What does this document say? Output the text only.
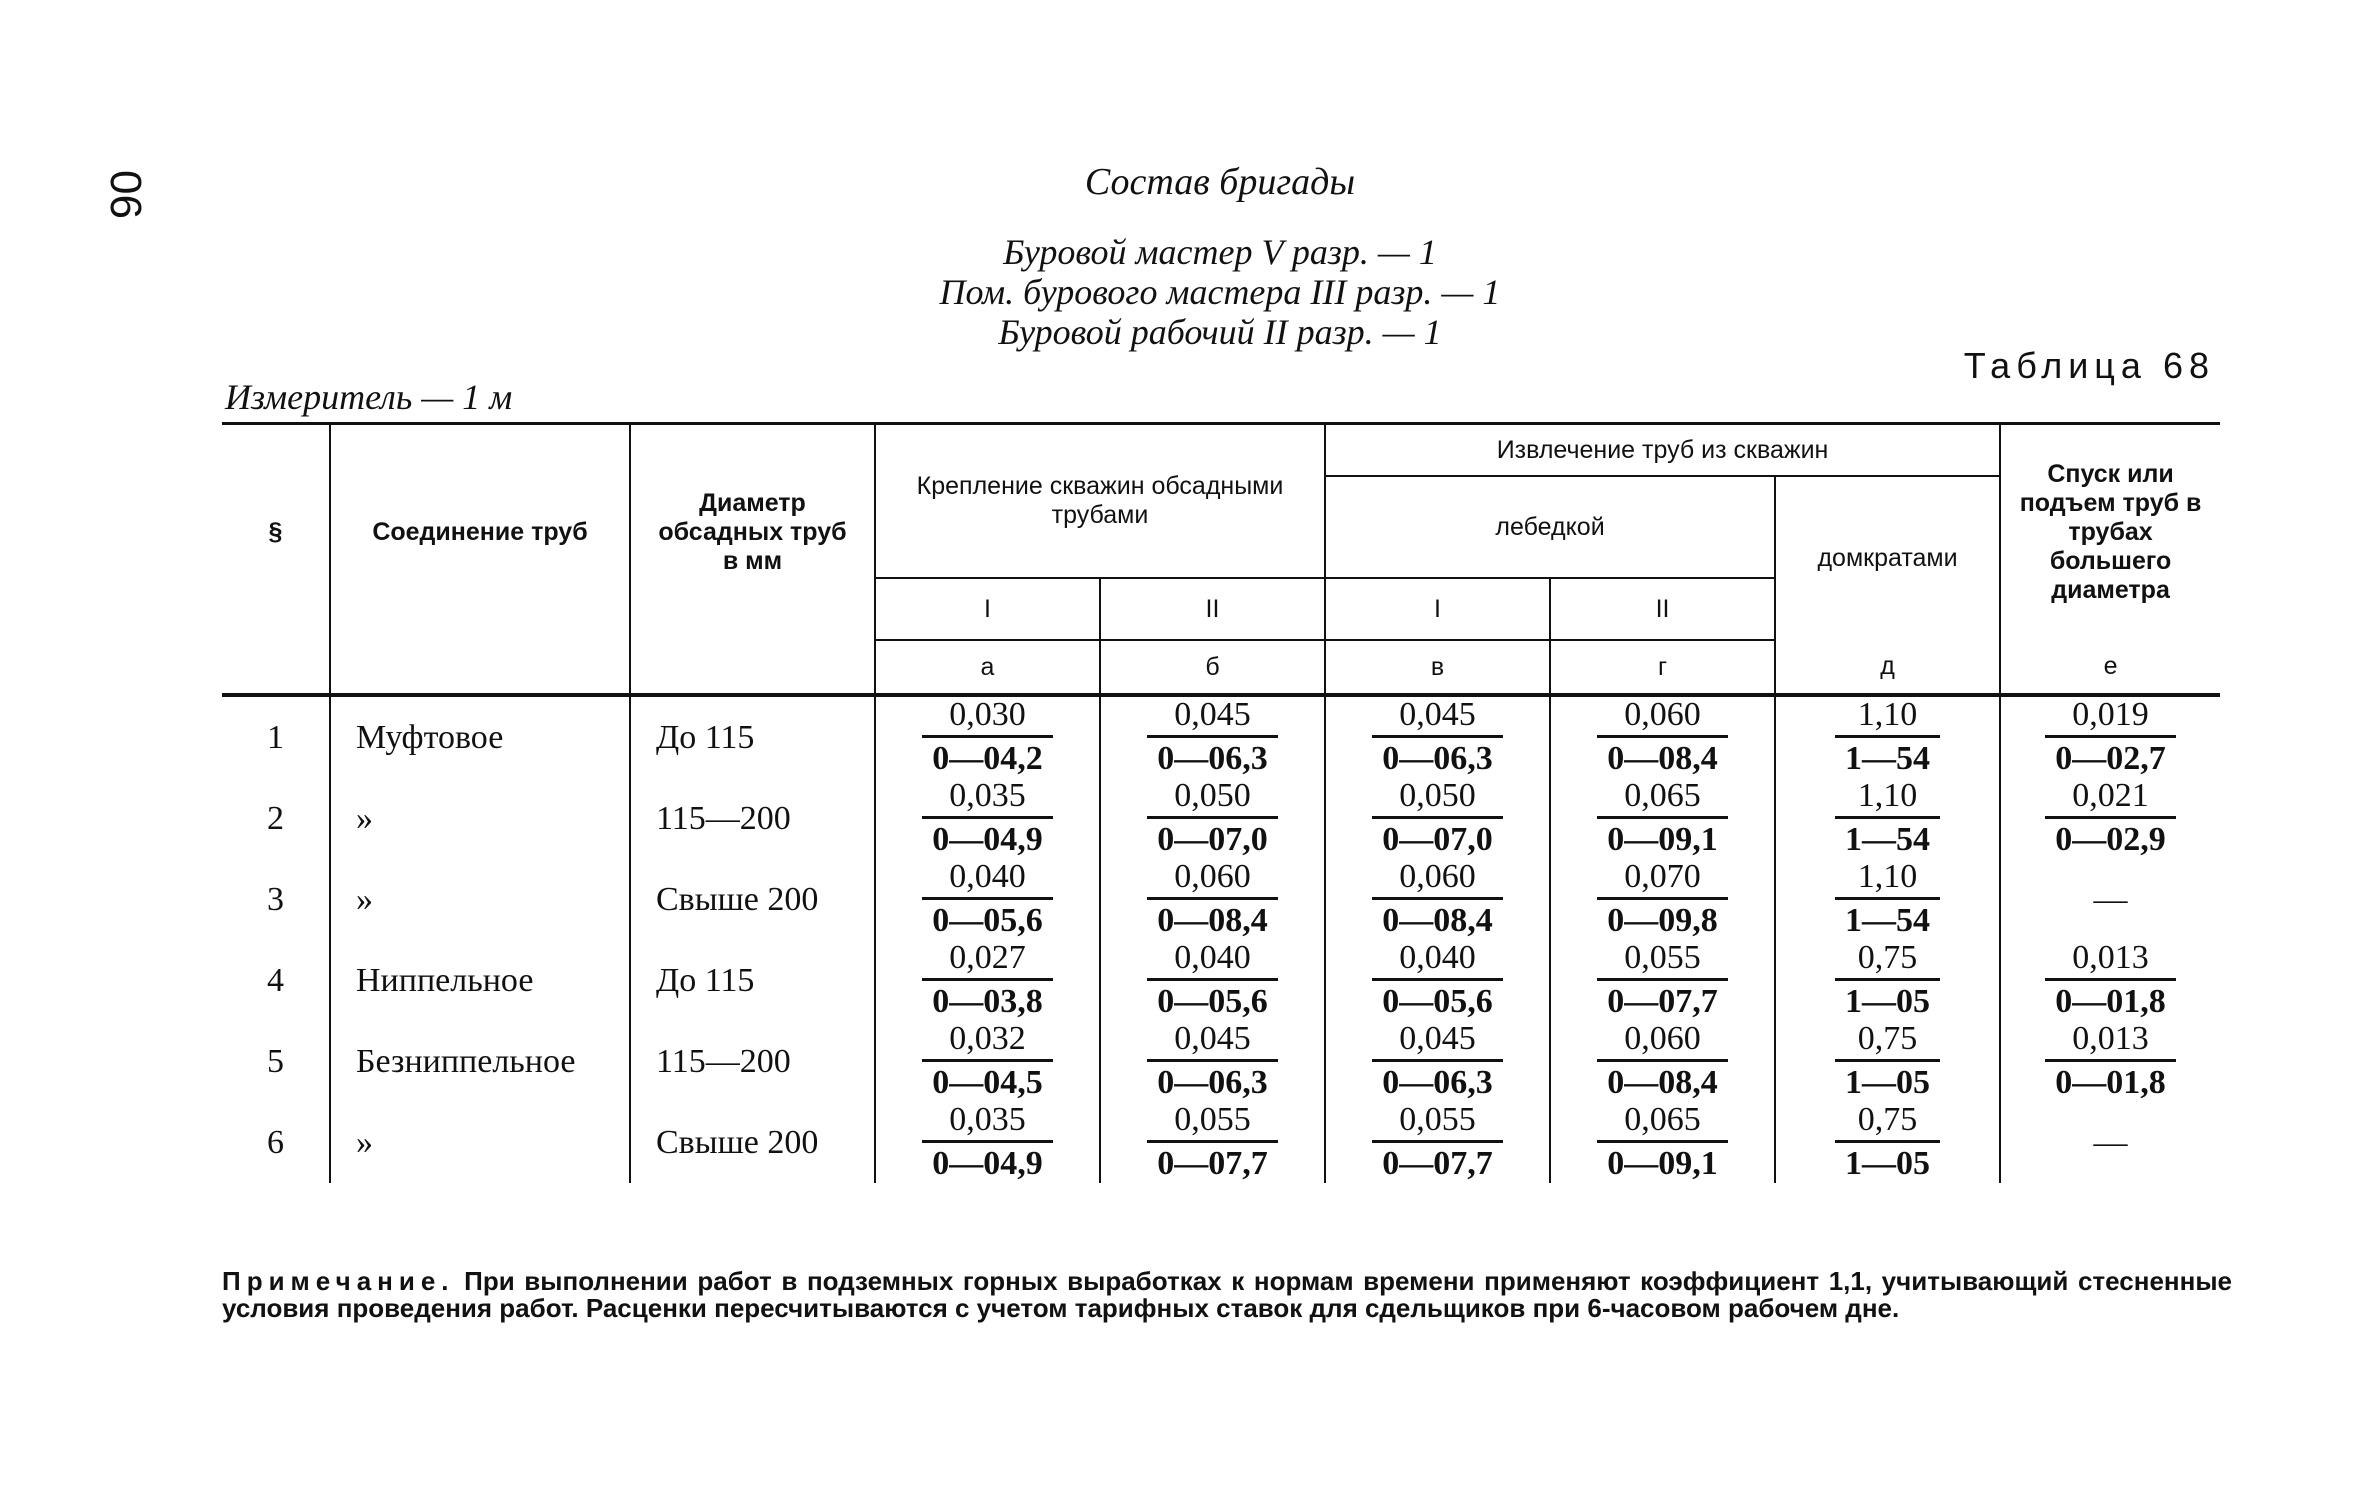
06	Состав бригады
Буровой мастер V разр. — 1
Пом. бурового мастера III разр. — 1
Буровой рабочий II разр. — 1
Таблица 68
Измеритель — 1 м
§	Соединение труб	Диаметр обсадных труб в мм	Крепление скважин обсадными трубами		Извлечение труб из скважин			Спуск или подъем труб в трубах большего диаметра
					лебедкой		домкратами	
			I	II	I	II		
			а	б	в	г	д	е
1	Муфтовое	До 115	$\frac{0,030}{0—04,2}$	$\frac{0,045}{0—06,3}$	$\frac{0,045}{0—06,3}$	$\frac{0,060}{0—08,4}$	$\frac{1,10}{1—54}$	$\frac{0,019}{0—02,7}$

2	»	115—200	$\frac{0,035}{0—04,9}$	$\frac{0,050}{0—07,0}$	$\frac{0,050}{0—07,0}$	$\frac{0,065}{0—09,1}$	$\frac{1,10}{1—54}$	$\frac{0,021}{0—02,9}$

3	»	Свыше 200	$\frac{0,040}{0—05,6}$	$\frac{0,060}{0—08,4}$	$\frac{0,060}{0—08,4}$	$\frac{0,070}{0—09,8}$	$\frac{1,10}{1—54}$	—
4	Ниппельное	До 115	$\frac{0,027}{0—03,8}$	$\frac{0,040}{0—05,6}$	$\frac{0,040}{0—05,6}$	$\frac{0,055}{0—07,7}$	$\frac{0,75}{1—05}$	$\frac{0,013}{0—01,8}$

5	Безниппельное	115—200	$\frac{0,032}{0—04,5}$	$\frac{0,045}{0—06,3}$	$\frac{0,045}{0—06,3}$	$\frac{0,060}{0—08,4}$	$\frac{0,75}{1—05}$	$\frac{0,013}{0—01,8}$

6	»	Свыше 200	$\frac{0,035}{0—04,9}$	$\frac{0,055}{0—07,7}$	$\frac{0,055}{0—07,7}$	$\frac{0,065}{0—09,1}$	$\frac{0,75}{1—05}$	—
Примечание. При выполнении работ в подземных горных выработках к нормам времени применяют коэффициент 1,1, учитывающий стесненные условия проведения работ. Расценки пересчитываются с учетом тарифных ставок для сдельщиков при 6-часовом рабочем дне.
